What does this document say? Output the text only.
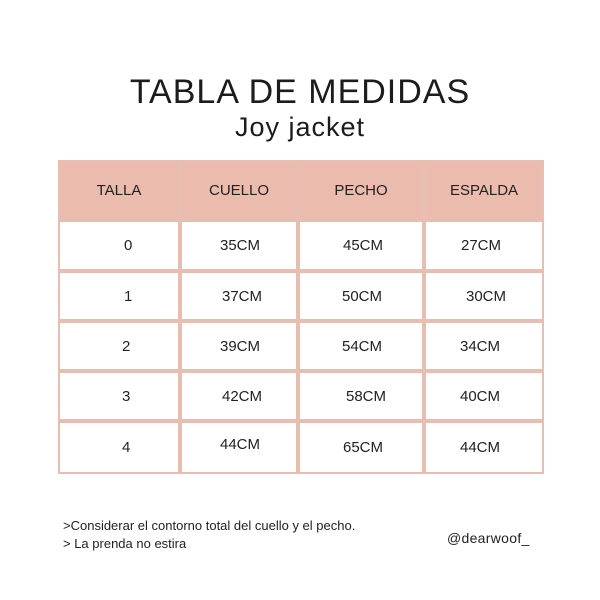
TABLA DE MEDIDAS
Joy jacket
TALLA	CUELLO	PECHO	ESPALDA
0	35CM	45CM	27CM
1	37CM	50CM	30CM
2	39CM	54CM	34CM
3	42CM	58CM	40CM
4	44CM	65CM	44CM
>Considerar el contorno total del cuello y el pecho.
> La prenda no estira	@dearwoof_
